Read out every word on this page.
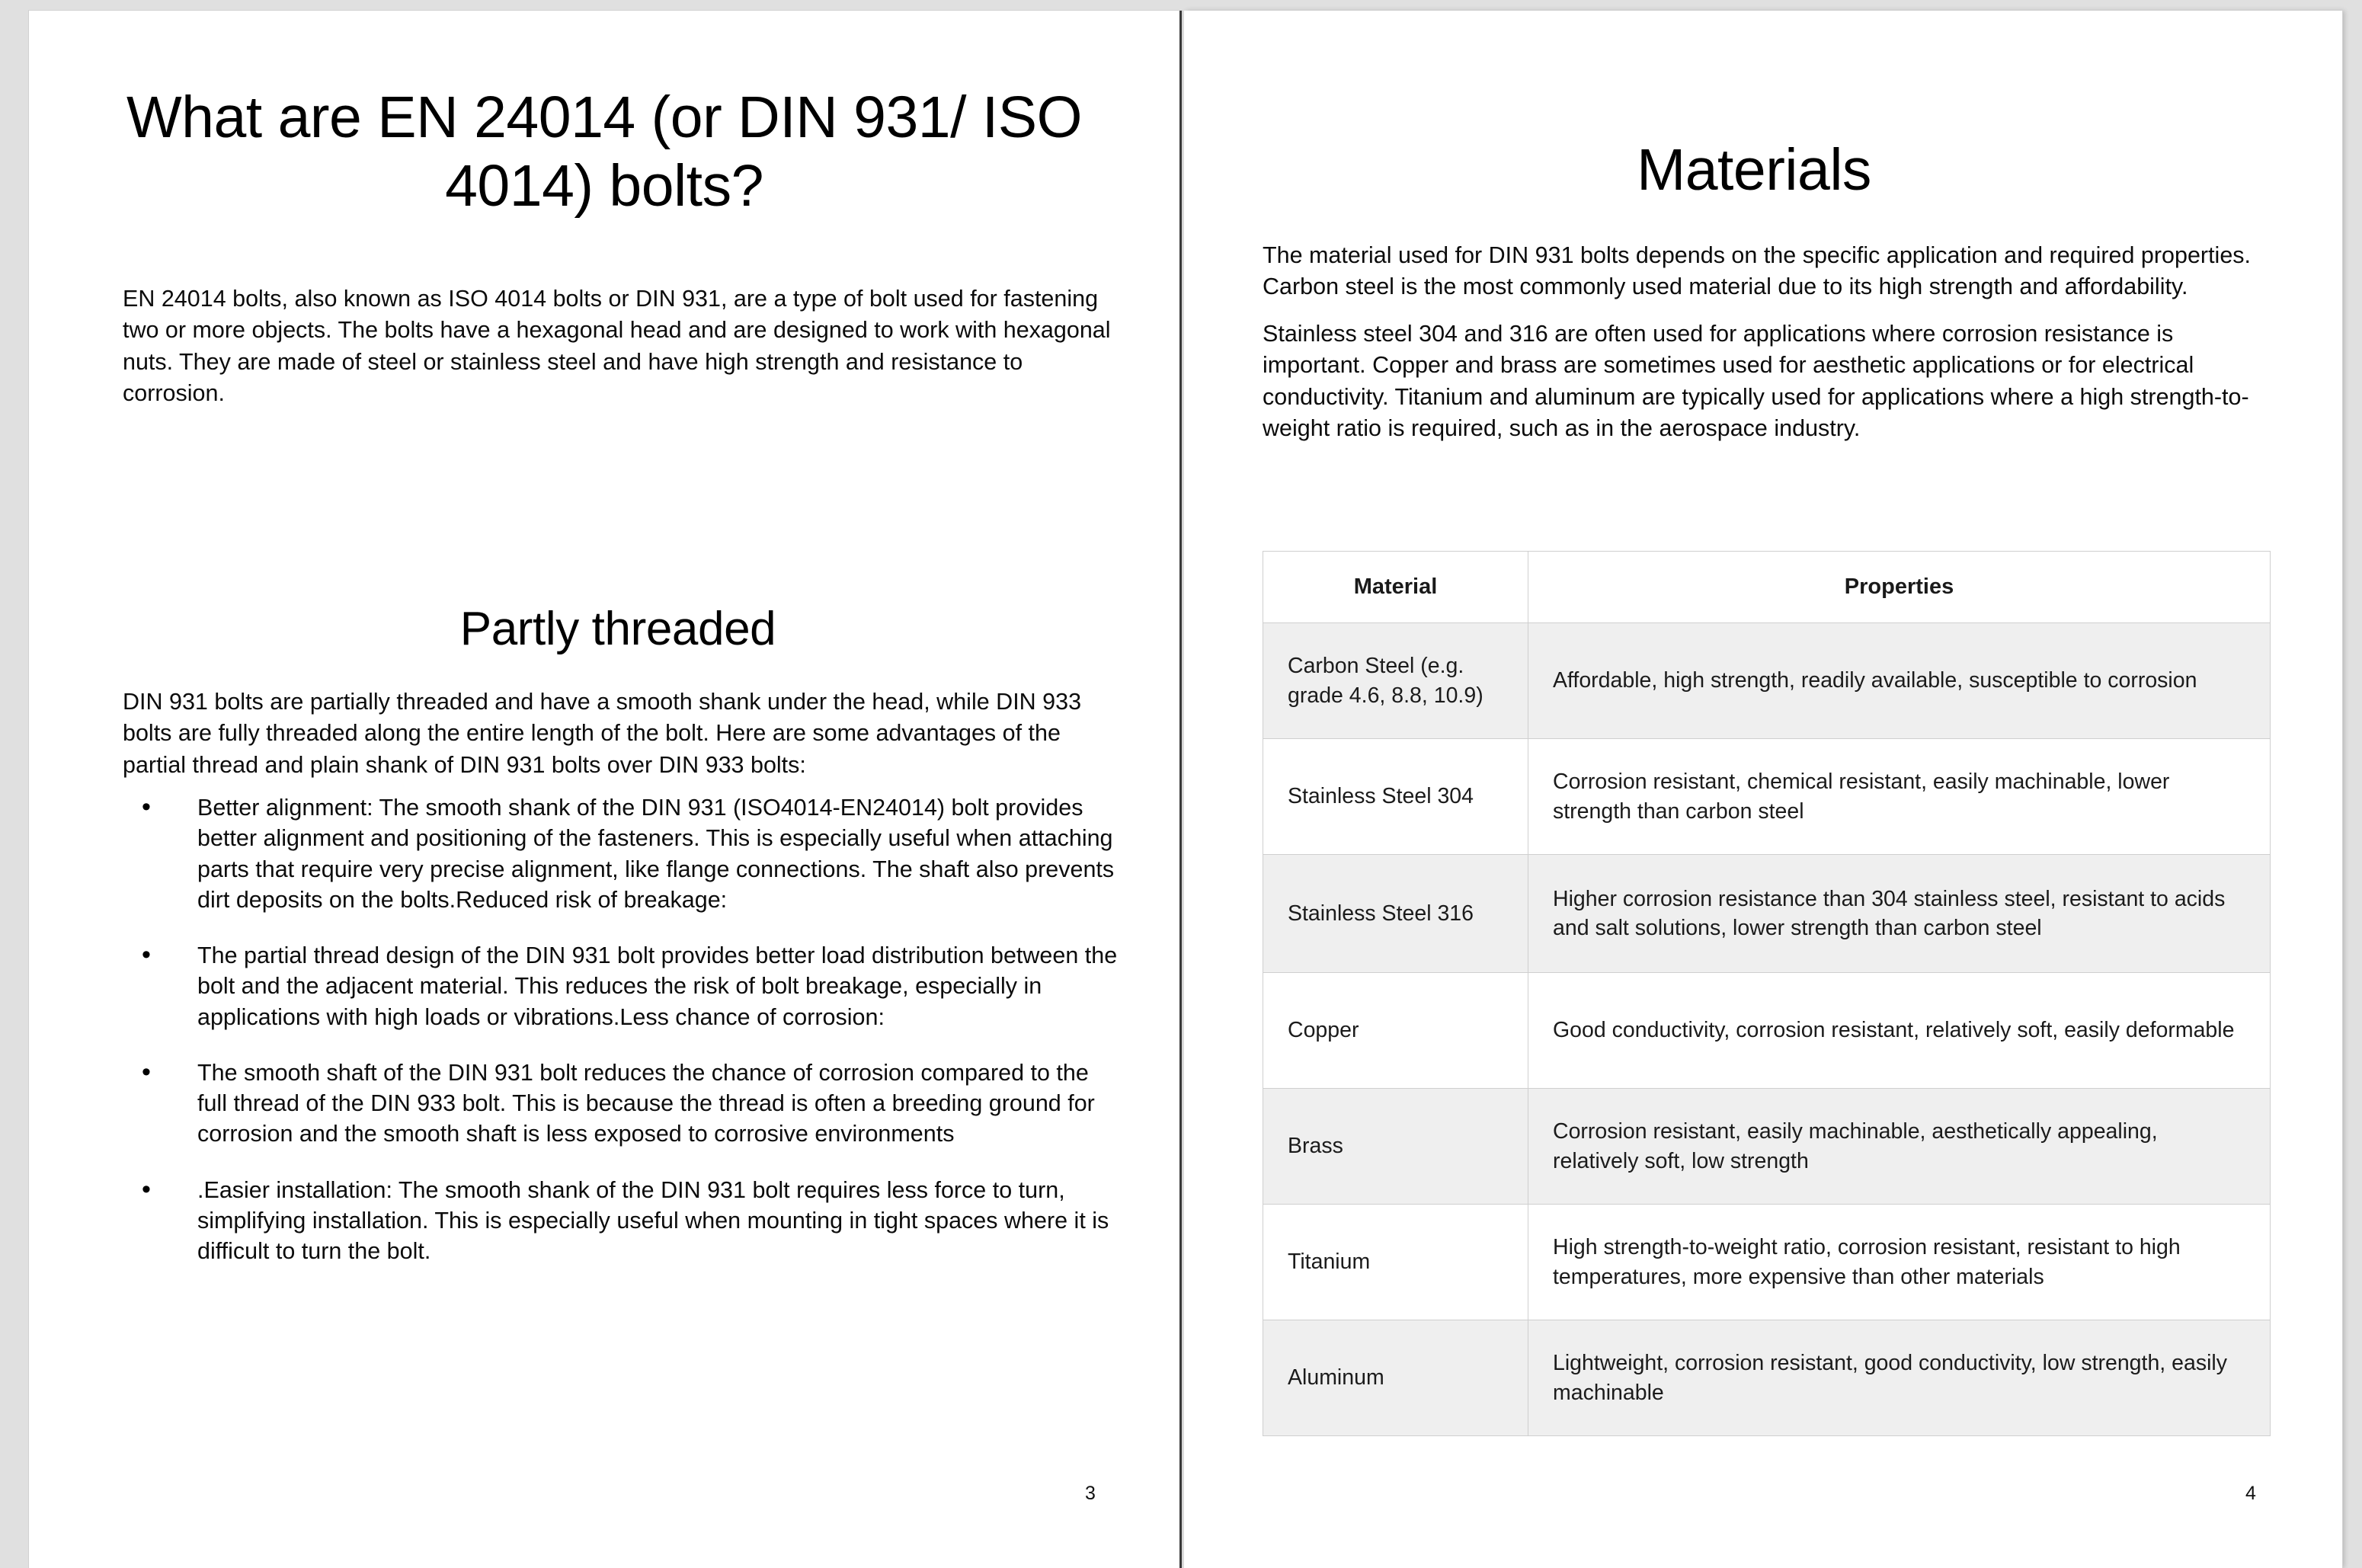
What are EN 24014 (or DIN 931/ ISO 4014) bolts?

EN 24014 bolts, also known as ISO 4014 bolts or DIN 931, are a type of bolt used for fastening two or more objects. The bolts have a hexagonal head and are designed to work with hexagonal nuts. They are made of steel or stainless steel and have high strength and resistance to corrosion.

Partly threaded

DIN 931 bolts are partially threaded and have a smooth shank under the head, while DIN 933 bolts are fully threaded along the entire length of the bolt. Here are some advantages of the partial thread and plain shank of DIN 931 bolts over DIN 933 bolts:

• Better alignment: The smooth shank of the DIN 931 (ISO4014-EN24014) bolt provides better alignment and positioning of the fasteners. This is especially useful when attaching parts that require very precise alignment, like flange connections. The shaft also prevents dirt deposits on the bolts.Reduced risk of breakage:
• The partial thread design of the DIN 931 bolt provides better load distribution between the bolt and the adjacent material. This reduces the risk of bolt breakage, especially in applications with high loads or vibrations.Less chance of corrosion:
• The smooth shaft of the DIN 931 bolt reduces the chance of corrosion compared to the full thread of the DIN 933 bolt. This is because the thread is often a breeding ground for corrosion and the smooth shaft is less exposed to corrosive environments
• .Easier installation: The smooth shank of the DIN 931 bolt requires less force to turn, simplifying installation. This is especially useful when mounting in tight spaces where it is difficult to turn the bolt.
3
Materials

The material used for DIN 931 bolts depends on the specific application and required properties. Carbon steel is the most commonly used material due to its high strength and affordability.

Stainless steel 304 and 316 are often used for applications where corrosion resistance is important. Copper and brass are sometimes used for aesthetic applications or for electrical conductivity. Titanium and aluminum are typically used for applications where a high strength-to-weight ratio is required, such as in the aerospace industry.

Material	Properties
Carbon Steel (e.g. grade 4.6, 8.8, 10.9)	Affordable, high strength, readily available, susceptible to corrosion
Stainless Steel 304	Corrosion resistant, chemical resistant, easily machinable, lower strength than carbon steel
Stainless Steel 316	Higher corrosion resistance than 304 stainless steel, resistant to acids and salt solutions, lower strength than carbon steel
Copper	Good conductivity, corrosion resistant, relatively soft, easily deformable
Brass	Corrosion resistant, easily machinable, aesthetically appealing, relatively soft, low strength
Titanium	High strength-to-weight ratio, corrosion resistant, resistant to high temperatures, more expensive than other materials
Aluminum	Lightweight, corrosion resistant, good conductivity, low strength, easily machinable
4
